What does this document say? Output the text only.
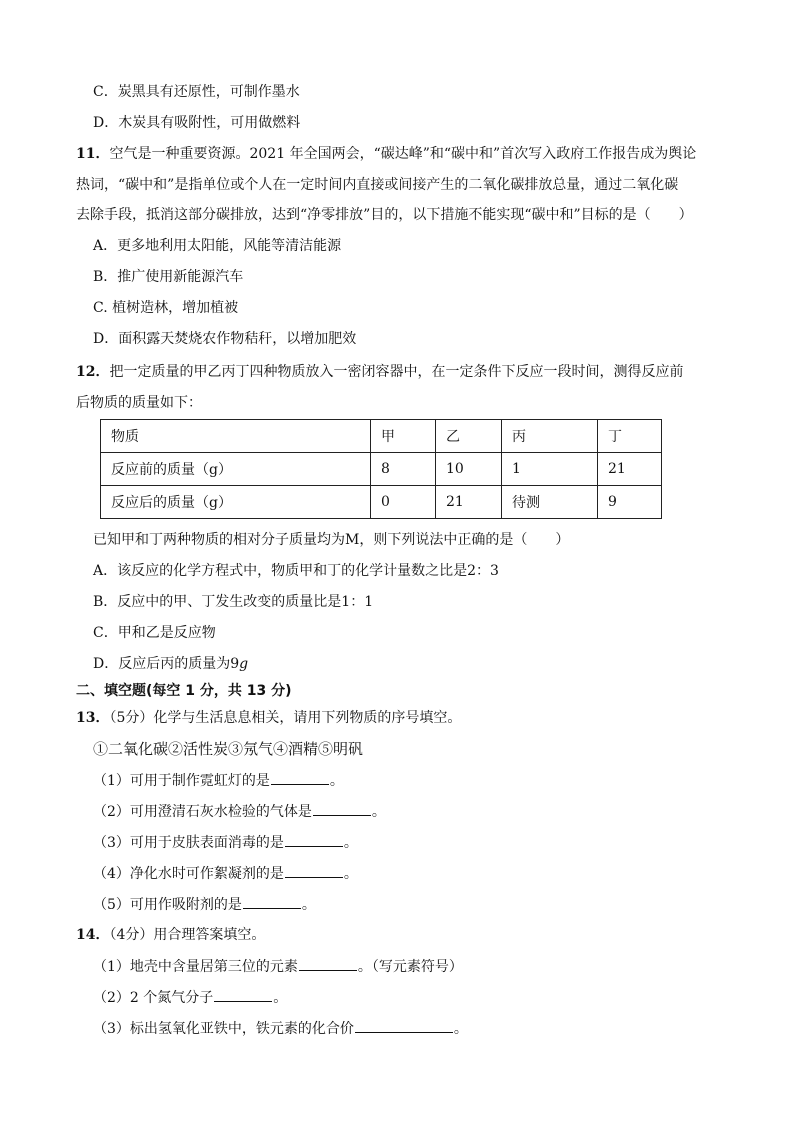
C．炭黑具有还原性，可制作墨水
D．木炭具有吸附性，可用做燃料
11．空气是一种重要资源。2021 年全国两会，“碳达峰”和“碳中和”首次写入政府工作报告成为舆论
热词，“碳中和”是指单位或个人在一定时间内直接或间接产生的二氧化碳排放总量，通过二氧化碳
去除手段，抵消这部分碳排放，达到“净零排放”目的，以下措施不能实现“碳中和”目标的是（　　）
A．更多地利用太阳能，风能等清洁能源
B．推广使用新能源汽车
C. 植树造林，增加植被
D．面积露天焚烧农作物秸秆，以增加肥效
12．把一定质量的甲乙丙丁四种物质放入一密闭容器中，在一定条件下反应一段时间，测得反应前
后物质的质量如下：
物质	甲	乙	丙	丁
反应前的质量（g）	8	10	1	21
反应后的质量（g）	0	21	待测	9
已知甲和丁两种物质的相对分子质量均为M，则下列说法中正确的是（　　）
A．该反应的化学方程式中，物质甲和丁的化学计量数之比是2：3
B．反应中的甲、丁发生改变的质量比是1：1
C．甲和乙是反应物
D．反应后丙的质量为9g
二、填空题(每空 1 分，共 13 分)
13．（5分）化学与生活息息相关，请用下列物质的序号填空。
①二氧化碳②活性炭③氖气④酒精⑤明矾
（1）可用于制作霓虹灯的是	。
（2）可用澄清石灰水检验的气体是	。
（3）可用于皮肤表面消毒的是	。
（4）净化水时可作絮凝剂的是	。
（5）可用作吸附剂的是	。
14．（4分）用合理答案填空。
（1）地壳中含量居第三位的元素	。（写元素符号）
（2）2 个氮气分子	。
（3）标出氢氧化亚铁中，铁元素的化合价	。
